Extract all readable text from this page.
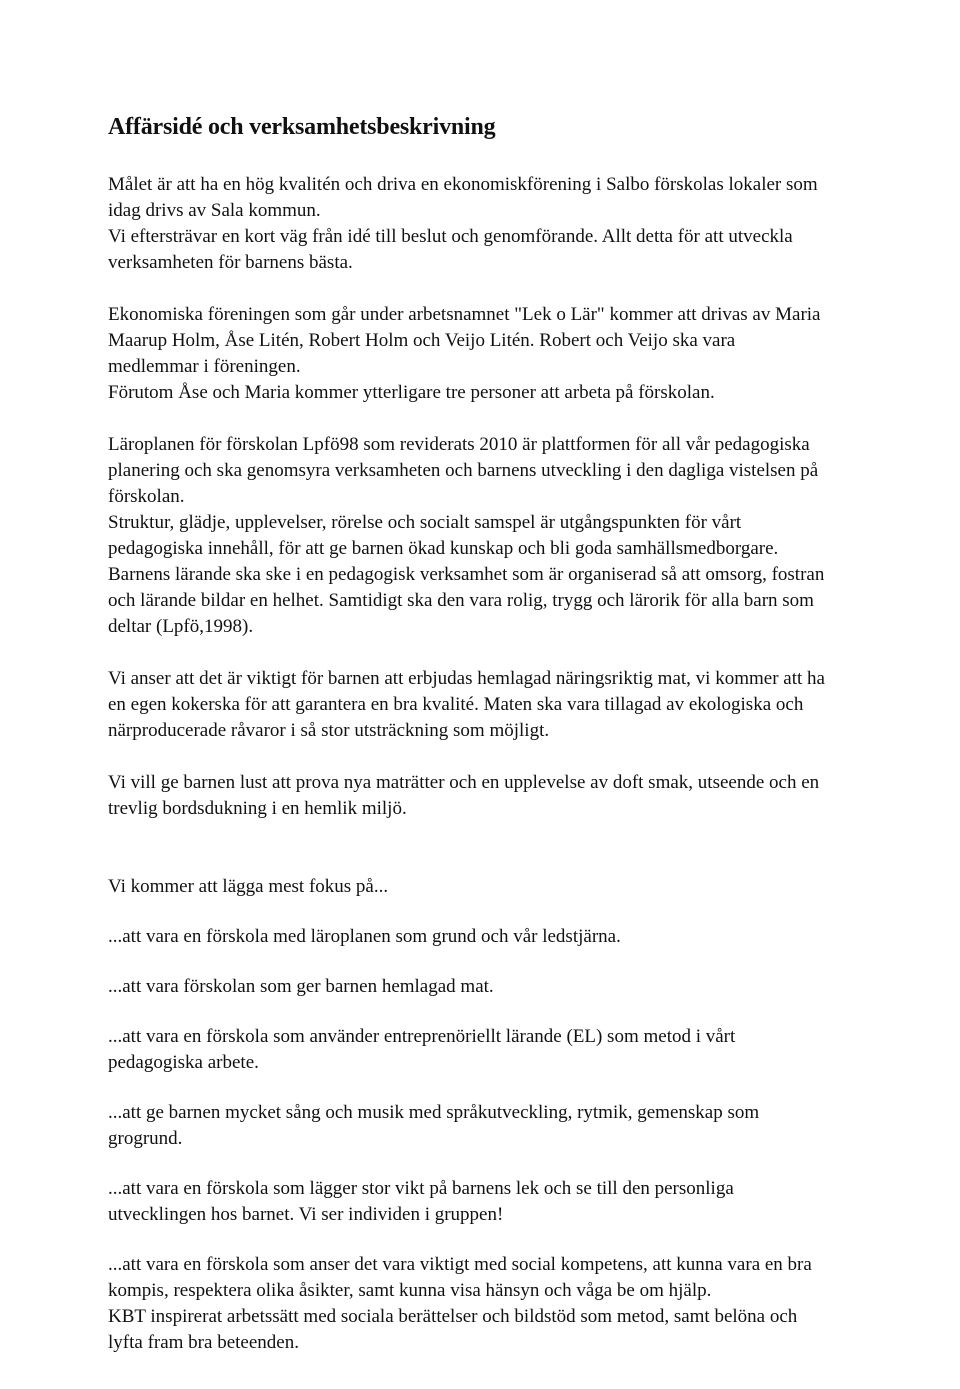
Affärsidé och verksamhetsbeskrivning

Målet är att ha en hög kvalitén och driva en ekonomiskförening i Salbo förskolas lokaler som
idag drivs av Sala kommun.
Vi eftersträvar en kort väg från idé till beslut och genomförande. Allt detta för att utveckla
verksamheten för barnens bästa.

Ekonomiska föreningen som går under arbetsnamnet "Lek o Lär" kommer att drivas av Maria
Maarup Holm, Åse Litén, Robert Holm och Veijo Litén. Robert och Veijo ska vara
medlemmar i föreningen.
Förutom Åse och Maria kommer ytterligare tre personer att arbeta på förskolan.

Läroplanen för förskolan Lpfö98 som reviderats 2010 är plattformen för all vår pedagogiska
planering och ska genomsyra verksamheten och barnens utveckling i den dagliga vistelsen på
förskolan.
Struktur, glädje, upplevelser, rörelse och socialt samspel är utgångspunkten för vårt
pedagogiska innehåll, för att ge barnen ökad kunskap och bli goda samhällsmedborgare.
Barnens lärande ska ske i en pedagogisk verksamhet som är organiserad så att omsorg, fostran
och lärande bildar en helhet. Samtidigt ska den vara rolig, trygg och lärorik för alla barn som
deltar (Lpfö,1998).

Vi anser att det är viktigt för barnen att erbjudas hemlagad näringsriktig mat, vi kommer att ha
en egen kokerska för att garantera en bra kvalité. Maten ska vara tillagad av ekologiska och
närproducerade råvaror i så stor utsträckning som möjligt.

Vi vill ge barnen lust att prova nya maträtter och en upplevelse av doft smak, utseende och en
trevlig bordsdukning i en hemlik miljö.

Vi kommer att lägga mest fokus på...

...att vara en förskola med läroplanen som grund och vår ledstjärna.

...att vara förskolan som ger barnen hemlagad mat.

...att vara en förskola som använder entreprenöriellt lärande (EL) som metod i vårt
pedagogiska arbete.

...att ge barnen mycket sång och musik med språkutveckling, rytmik, gemenskap som
grogrund.

...att vara en förskola som lägger stor vikt på barnens lek och se till den personliga
utvecklingen hos barnet. Vi ser individen i gruppen!

...att vara en förskola som anser det vara viktigt med social kompetens, att kunna vara en bra
kompis, respektera olika åsikter, samt kunna visa hänsyn och våga be om hjälp.
KBT inspirerat arbetssätt med sociala berättelser och bildstöd som metod, samt belöna och
lyfta fram bra beteenden.
